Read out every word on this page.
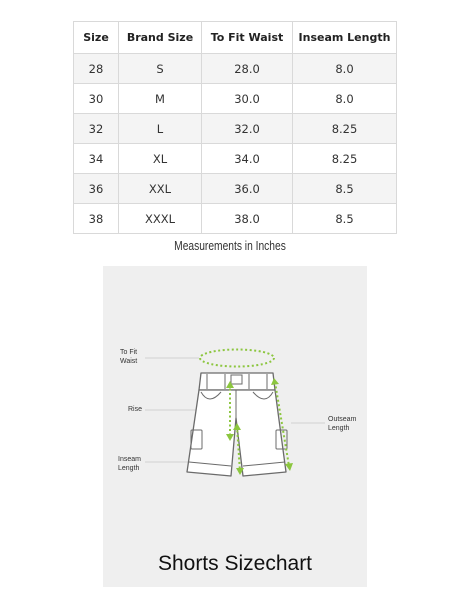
Size	Brand Size	To Fit Waist	Inseam Length
28	S	28.0	8.0
30	M	30.0	8.0
32	L	32.0	8.25
34	XL	34.0	8.25
36	XXL	36.0	8.5
38	XXXL	38.0	8.5
Measurements in Inches
To Fit
Waist
Rise
Outseam
Length
Inseam
Length
Shorts Sizechart
